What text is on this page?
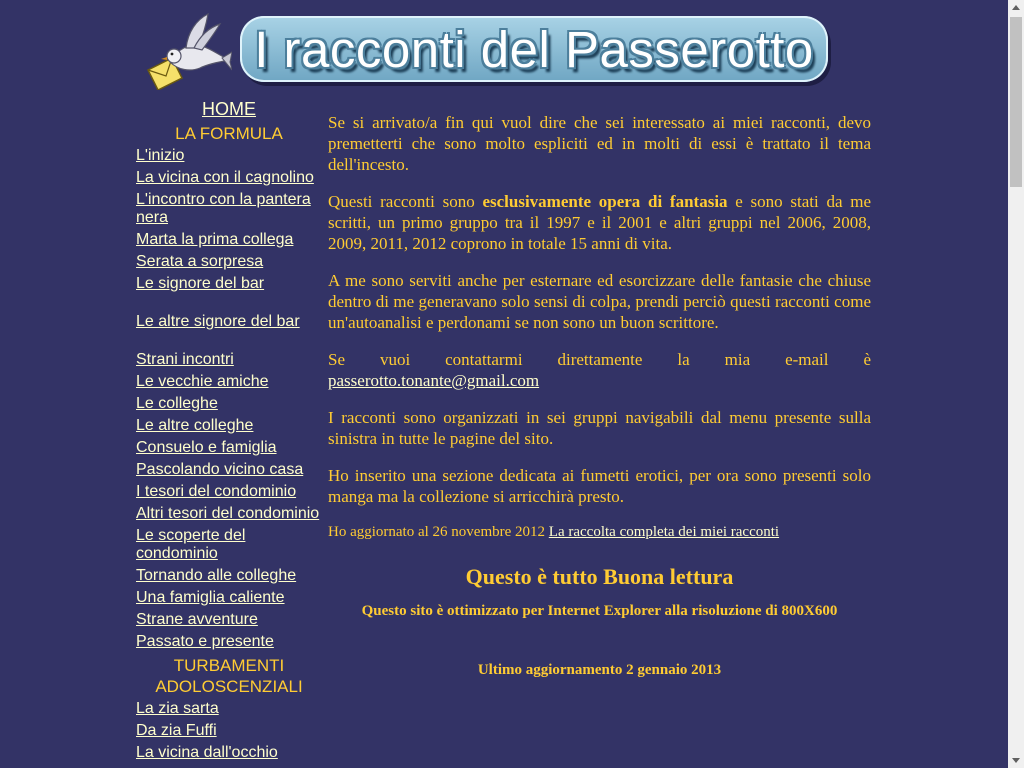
I racconti del Passerotto
HOME
LA FORMULA
L'inizio
La vicina con il cagnolino
L'incontro con la pantera nera
Marta la prima collega
Serata a sorpresa
Le signore del bar
Le altre signore del bar
Strani incontri
Le vecchie amiche
Le colleghe
Le altre colleghe
Consuelo e famiglia
Pascolando vicino casa
I tesori del condominio
Altri tesori del condominio
Le scoperte del condominio
Tornando alle colleghe
Una famiglia caliente
Strane avventure
Passato e presente
TURBAMENTI ADOLOSCENZIALI
La zia sarta
Da zia Fuffi
La vicina dall'occhio

Se si arrivato/a fin qui vuol dire che sei interessato ai miei racconti, devo premetterti che sono molto espliciti ed in molti di essi è trattato il tema dell'incesto.

Questi racconti sono esclusivamente opera di fantasia e sono stati da me scritti, un primo gruppo tra il 1997 e il 2001 e altri gruppi nel 2006, 2008, 2009, 2011, 2012 coprono in totale 15 anni di vita.

A me sono serviti anche per esternare ed esorcizzare delle fantasie che chiuse dentro di me generavano solo sensi di colpa, prendi perciò questi racconti come un'autoanalisi e perdonami se non sono un buon scrittore.

Se vuoi contattarmi direttamente la mia e-mail è

passerotto.tonante@gmail.com

I racconti sono organizzati in sei gruppi navigabili dal menu presente sulla sinistra in tutte le pagine del sito.

Ho inserito una sezione dedicata ai fumetti erotici, per ora sono presenti solo manga ma la collezione si arricchirà presto.

Ho aggiornato al 26 novembre 2012 La raccolta completa dei miei racconti
Questo è tutto Buona lettura
Questo sito è ottimizzato per Internet Explorer alla risoluzione di 800X600
Ultimo aggiornamento 2 gennaio 2013
